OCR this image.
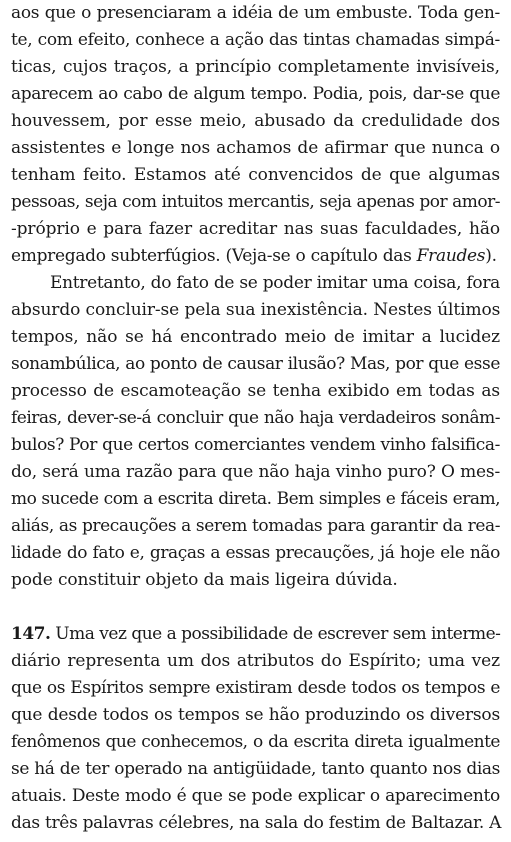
aos que o presenciaram a idéia de um embuste. Toda gen-
te, com efeito, conhece a ação das tintas chamadas simpá-
ticas, cujos traços, a princípio completamente invisíveis,
aparecem ao cabo de algum tempo. Podia, pois, dar-se que
houvessem, por esse meio, abusado da credulidade dos
assistentes e longe nos achamos de afirmar que nunca o
tenham feito. Estamos até convencidos de que algumas
pessoas, seja com intuitos mercantis, seja apenas por amor-
-próprio e para fazer acreditar nas suas faculdades, hão
empregado subterfúgios. (Veja-se o capítulo das Fraudes).
Entretanto, do fato de se poder imitar uma coisa, fora
absurdo concluir-se pela sua inexistência. Nestes últimos
tempos, não se há encontrado meio de imitar a lucidez
sonambúlica, ao ponto de causar ilusão? Mas, por que esse
processo de escamoteação se tenha exibido em todas as
feiras, dever-se-á concluir que não haja verdadeiros sonâm-
bulos? Por que certos comerciantes vendem vinho falsifica-
do, será uma razão para que não haja vinho puro? O mes-
mo sucede com a escrita direta. Bem simples e fáceis eram,
aliás, as precauções a serem tomadas para garantir da rea-
lidade do fato e, graças a essas precauções, já hoje ele não
pode constituir objeto da mais ligeira dúvida.
147. Uma vez que a possibilidade de escrever sem interme-
diário representa um dos atributos do Espírito; uma vez
que os Espíritos sempre existiram desde todos os tempos e
que desde todos os tempos se hão produzindo os diversos
fenômenos que conhecemos, o da escrita direta igualmente
se há de ter operado na antigüidade, tanto quanto nos dias
atuais. Deste modo é que se pode explicar o aparecimento
das três palavras célebres, na sala do festim de Baltazar. A
